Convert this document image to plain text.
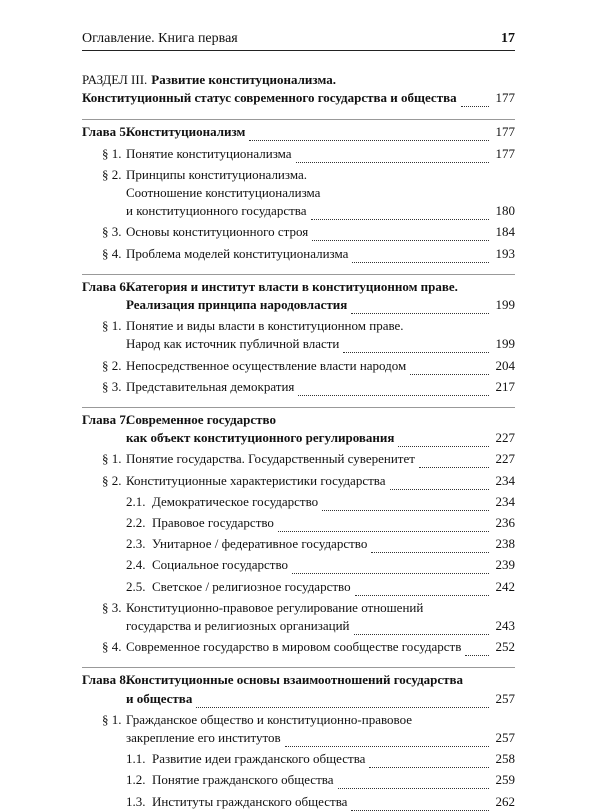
Оглавление. Книга первая	17
РАЗДЕЛ III. Развитие конституционализма.
Конституционный статус современного государства и общества	177
Глава 5.
Конституционализм	177
§ 1. Понятие конституционализма	177
§ 2. Принципы конституционализма.
Соотношение конституционализма
и конституционного государства	180
§ 3. Основы конституционного строя	184
§ 4. Проблема моделей конституционализма	193
Глава 6.
Категория и институт власти в конституционном праве.
Реализация принципа народовластия	199
§ 1. Понятие и виды власти в конституционном праве.
Народ как источник публичной власти	199
§ 2. Непосредственное осуществление власти народом	204
§ 3. Представительная демократия	217
Глава 7.
Современное государство
как объект конституционного регулирования	227
§ 1. Понятие государства. Государственный суверенитет	227
§ 2. Конституционные характеристики государства	234
2.1. Демократическое государство	234
2.2. Правовое государство	236
2.3. Унитарное / федеративное государство	238
2.4. Социальное государство	239
2.5. Светское / религиозное государство	242
§ 3. Конституционно-правовое регулирование отношений
государства и религиозных организаций	243
§ 4. Современное государство в мировом сообществе государств	252
Глава 8.
Конституционные основы взаимоотношений государства
и общества	257
§ 1. Гражданское общество и конституционно-правовое
закрепление его институтов	257
1.1. Развитие идеи гражданского общества	258
1.2. Понятие гражданского общества	259
1.3. Институты гражданского общества	262
